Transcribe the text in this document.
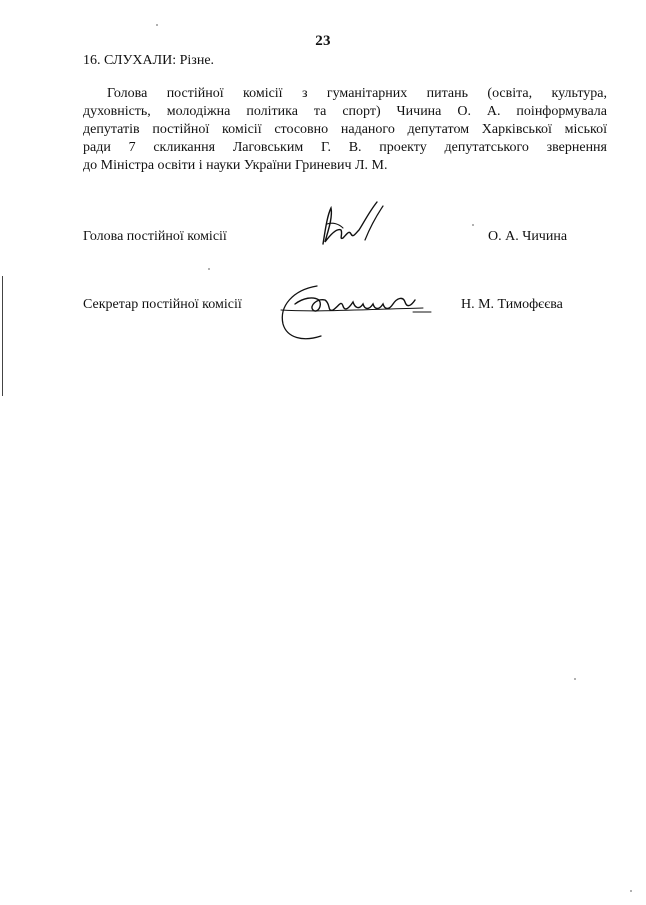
23
16. СЛУХАЛИ: Різне.
Голова постійної комісії з гуманітарних питань (освіта, культура,
духовність, молодіжна політика та спорт) Чичина О. А. поінформувала
депутатів постійної комісії стосовно наданого депутатом Харківської міської
ради 7 скликання Лаговським Г. В. проекту депутатського звернення
до Міністра освіти і науки України Гриневич Л. М.
Голова постійної комісії	О. А. Чичина
Секретар постійної комісії	Н. М. Тимофєєва
